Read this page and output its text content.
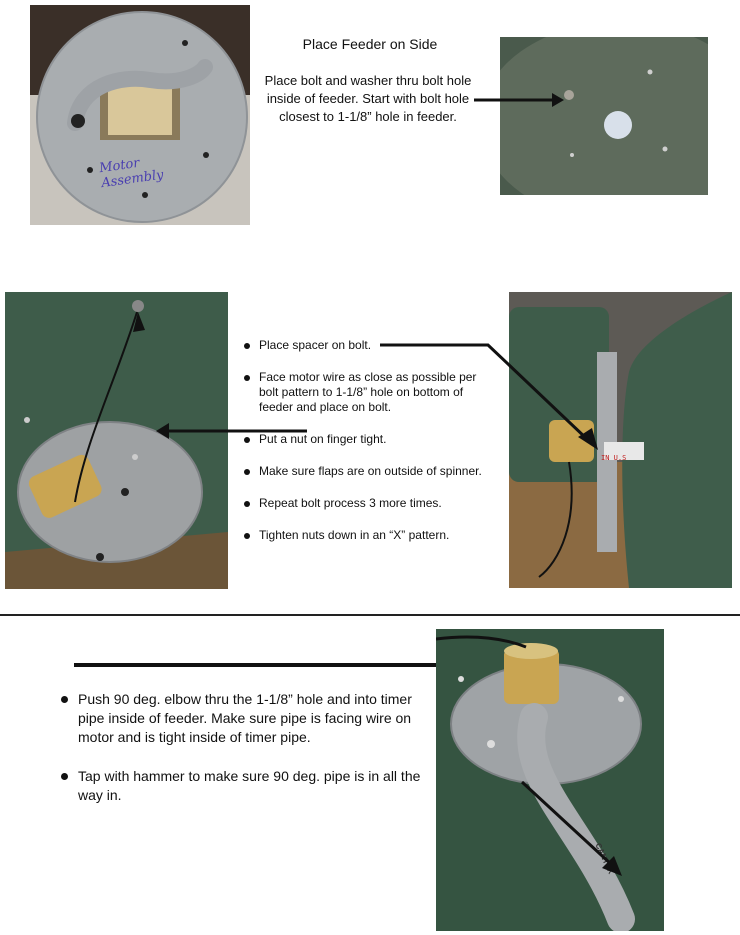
Motor Assembly
Place Feeder on Side
Place bolt and washer thru bolt hole inside of feeder. Start with bolt hole closest to 1-1/8” hole in feeder.
Place spacer on bolt.
Face motor wire as close as possible per bolt pattern to 1-1/8” hole on bottom of feeder and place on bolt.
Put a nut on finger tight.
Make sure flaps are on outside of spinner.
Repeat bolt process 3 more times.
Tighten nuts down in an “X” pattern.
IN U.S
Push 90 deg. elbow thru the 1-1/8” hole and into timer pipe inside of feeder. Make sure pipe is facing wire on motor and is tight inside of timer pipe.
Tap with hammer to make sure 90 deg. pipe is in all the way in.
